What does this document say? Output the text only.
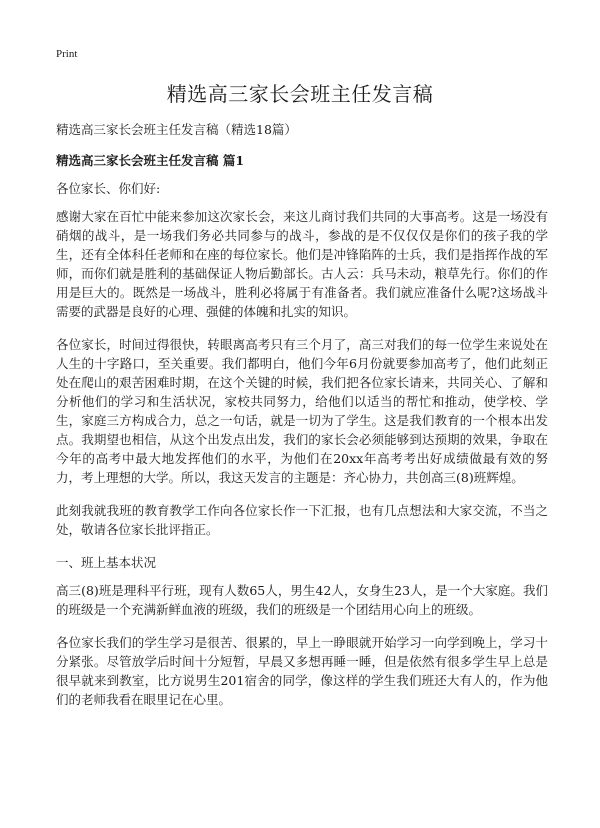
Print
精选高三家长会班主任发言稿

精选高三家长会班主任发言稿（精选18篇）

精选高三家长会班主任发言稿 篇1

各位家长、你们好:

感谢大家在百忙中能来参加这次家长会，来这儿商讨我们共同的大事高考。这是一场没有硝烟的战斗，是一场我们务必共同参与的战斗，参战的是不仅仅仅是你们的孩子我的学生，还有全体科任老师和在座的每位家长。他们是冲锋陷阵的士兵，我们是指挥作战的军师，而你们就是胜利的基础保证人物后勤部长。古人云：兵马未动，粮草先行。你们的作用是巨大的。既然是一场战斗，胜利必将属于有准备者。我们就应准备什么呢?这场战斗需要的武器是良好的心理、强健的体魄和扎实的知识。

各位家长，时间过得很快，转眼离高考只有三个月了，高三对我们的每一位学生来说处在人生的十字路口，至关重要。我们都明白，他们今年6月份就要参加高考了，他们此刻正处在爬山的艰苦困难时期，在这个关键的时候，我们把各位家长请来，共同关心、了解和分析他们的学习和生活状况，家校共同努力，给他们以适当的帮忙和推动，使学校、学生，家庭三方构成合力，总之一句话，就是一切为了学生。这是我们教育的一个根本出发点。我期望也相信，从这个出发点出发，我们的家长会必须能够到达预期的效果，争取在今年的高考中最大地发挥他们的水平，为他们在20xx年高考考出好成绩做最有效的努力，考上理想的大学。所以，我这天发言的主题是：齐心协力，共创高三(8)班辉煌。

此刻我就我班的教育教学工作向各位家长作一下汇报，也有几点想法和大家交流，不当之处，敬请各位家长批评指正。

一、班上基本状况

高三(8)班是理科平行班，现有人数65人，男生42人，女身生23人，是一个大家庭。我们的班级是一个充满新鲜血液的班级，我们的班级是一个团结用心向上的班级。

各位家长我们的学生学习是很苦、很累的，早上一睁眼就开始学习一向学到晚上，学习十分紧张。尽管放学后时间十分短暂，早晨又多想再睡一睡，但是依然有很多学生早上总是很早就来到教室，比方说男生201宿舍的同学，像这样的学生我们班还大有人的，作为他们的老师我看在眼里记在心里。
